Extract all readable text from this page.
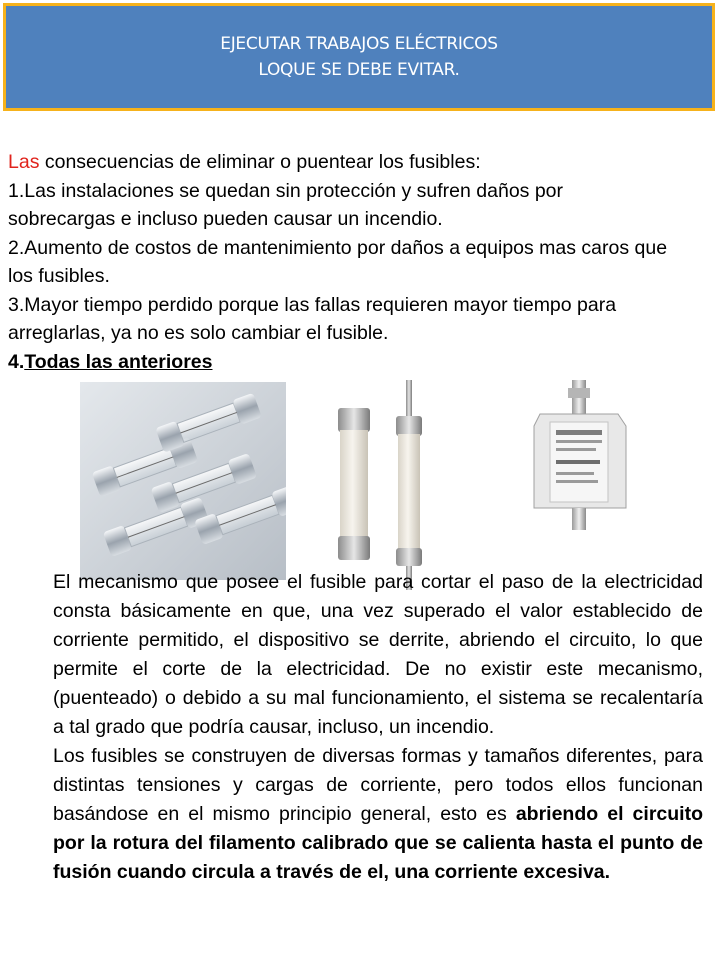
EJECUTAR TRABAJOS ELÉCTRICOS
LOQUE SE DEBE EVITAR.

Las consecuencias de eliminar o puentear los fusibles:

1.Las instalaciones se quedan sin protección y sufren daños por sobrecargas e incluso pueden causar un incendio.

2.Aumento de costos de mantenimiento por daños a equipos mas caros que los fusibles.

3.Mayor tiempo perdido porque las fallas requieren mayor tiempo para arreglarlas, ya no es solo cambiar el fusible.

4.Todas las anteriores

El mecanismo que posee el fusible para cortar el paso de la electricidad consta básicamente en que, una vez superado el valor establecido de corriente permitido, el dispositivo se derrite, abriendo el circuito, lo que permite el corte de la electricidad. De no existir este mecanismo, (puenteado) o debido a su mal funcionamiento, el sistema se recalentaría a tal grado que podría causar, incluso, un incendio.

Los fusibles se construyen de diversas formas y tamaños diferentes, para distintas tensiones y cargas de corriente, pero todos ellos funcionan basándose en el mismo principio general, esto es abriendo el circuito por la rotura del filamento calibrado que se calienta hasta el punto de fusión cuando circula a través de el, una corriente excesiva.
